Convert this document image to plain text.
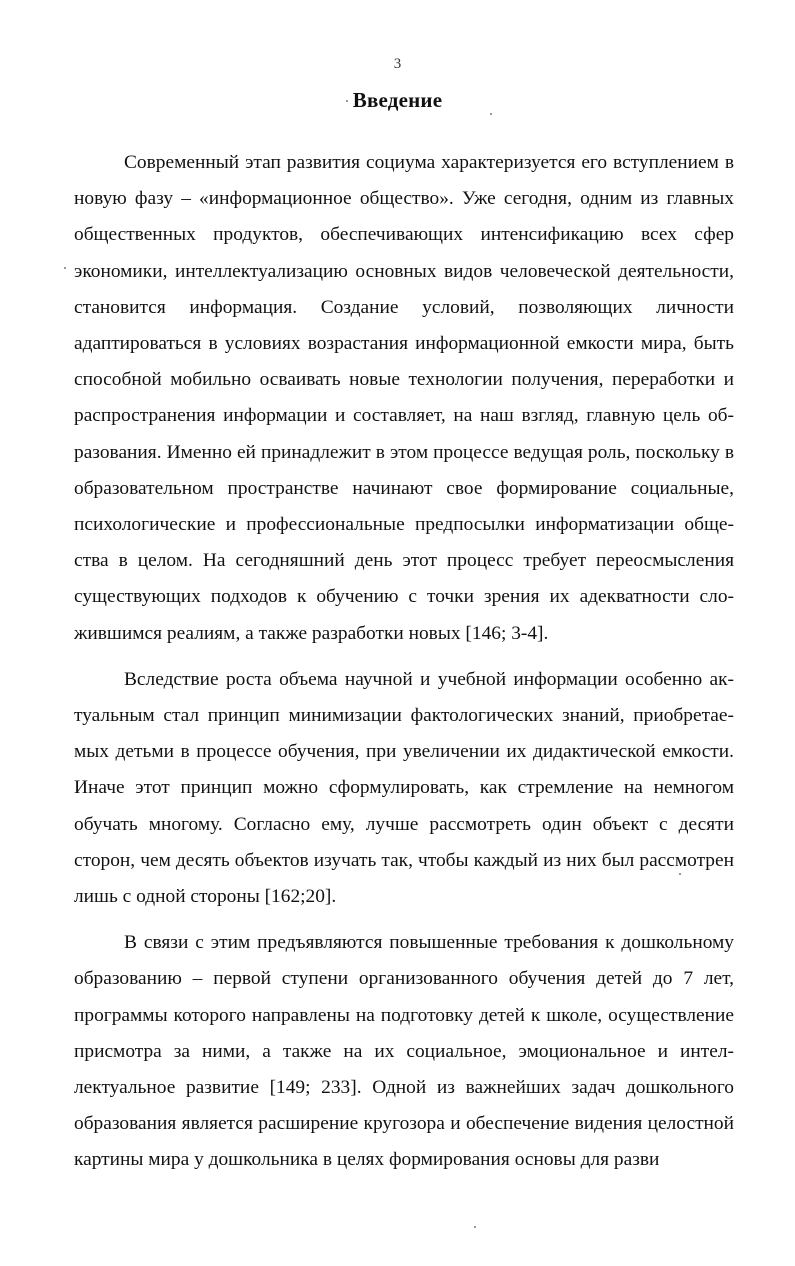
3
Введение

Современный этап развития социума характеризуется его вступлением в новую фазу – «информационное общество». Уже сегодня, одним из главных общественных продуктов, обеспечивающих интенсификацию всех сфер экономики, интеллектуализацию основных видов человеческой деятельности, становится информация. Создание условий, позволяющих личности адаптироваться в условиях возрастания информационной емкости мира, быть способной мобильно осваивать новые технологии получения, переработки и распространения информации и составляет, на наш взгляд, главную цель образования. Именно ей принадлежит в этом процессе ведущая роль, поскольку в образовательном пространстве начинают свое формирование социальные, психологические и профессиональные предпосылки информатизации общества в целом. На сегодняшний день этот процесс требует переосмысления существующих подходов к обучению с точки зрения их адекватности сложившимся реалиям, а также разработки новых [146; 3-4].

Вследствие роста объема научной и учебной информации особенно актуальным стал принцип минимизации фактологических знаний, приобретаемых детьми в процессе обучения, при увеличении их дидактической емкости. Иначе этот принцип можно сформулировать, как стремление на немногом обучать многому. Согласно ему, лучше рассмотреть один объект с десяти сторон, чем десять объектов изучать так, чтобы каждый из них был рассмотрен лишь с одной стороны [162;20].

В связи с этим предъявляются повышенные требования к дошкольному образованию – первой ступени организованного обучения детей до 7 лет, программы которого направлены на подготовку детей к школе, осуществление присмотра за ними, а также на их социальное, эмоциональное и интеллектуальное развитие [149; 233]. Одной из важнейших задач дошкольного образования является расширение кругозора и обеспечение видения целостной картины мира у дошкольника в целях формирования основы для разви
